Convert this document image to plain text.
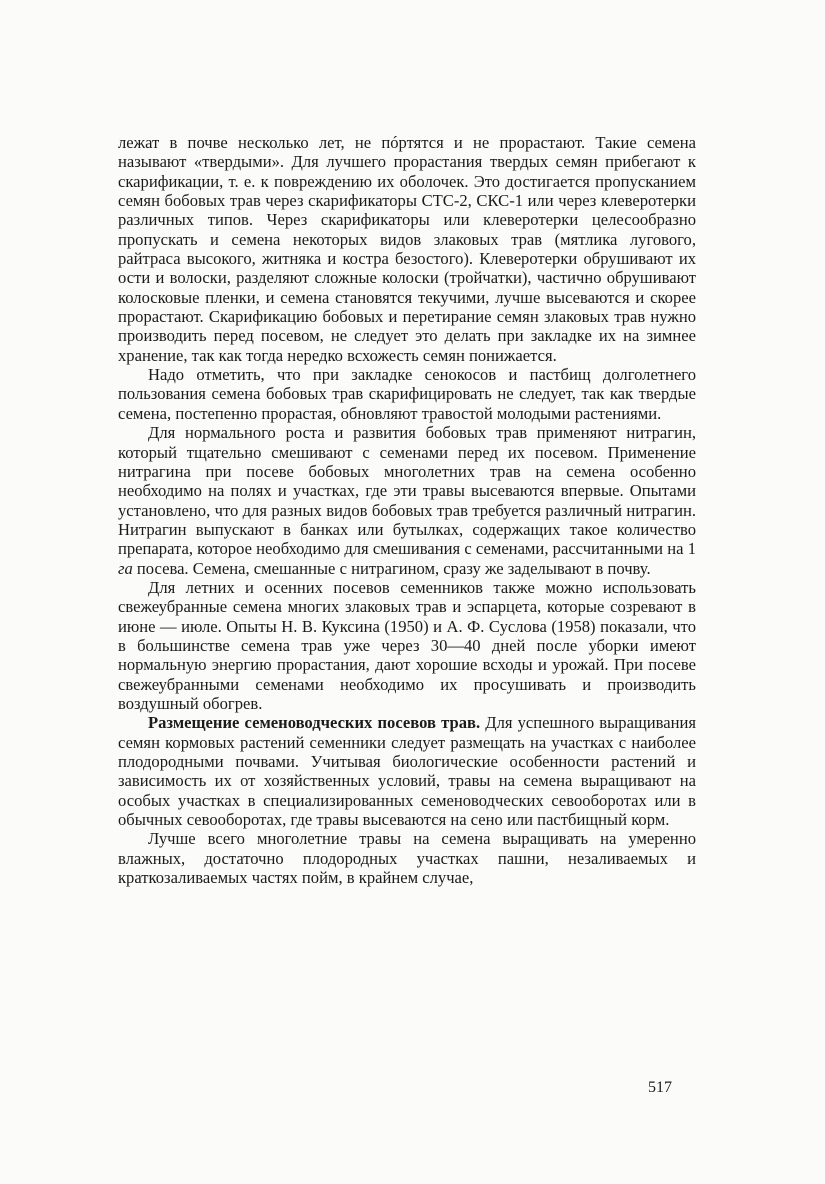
лежат в почве несколько лет, не пóртятся и не прорастают. Такие семена называют «твердыми». Для лучшего прорастания твердых семян прибегают к скарификации, т. е. к повреждению их оболочек. Это достигается пропусканием семян бобовых трав через скарификаторы СТС-2, СКС-1 или через клеверотерки различных типов. Через скарификаторы или клеверотерки целесообразно пропускать и семена некоторых видов злаковых трав (мятлика лугового, райтраса высокого, житняка и костра безостого). Клеверотерки обрушивают их ости и волоски, разделяют сложные колоски (тройчатки), частично обрушивают колосковые пленки, и семена становятся текучими, лучше высеваются и скорее прорастают. Скарификацию бобовых и перетирание семян злаковых трав нужно производить перед посевом, не следует это делать при закладке их на зимнее хранение, так как тогда нередко всхожесть семян понижается.

Надо отметить, что при закладке сенокосов и пастбищ долголетнего пользования семена бобовых трав скарифицировать не следует, так как твердые семена, постепенно прорастая, обновляют травостой молодыми растениями.

Для нормального роста и развития бобовых трав применяют нитрагин, который тщательно смешивают с семенами перед их посевом. Применение нитрагина при посеве бобовых многолетних трав на семена особенно необходимо на полях и участках, где эти травы высеваются впервые. Опытами установлено, что для разных видов бобовых трав требуется различный нитрагин. Нитрагин выпускают в банках или бутылках, содержащих такое количество препарата, которое необходимо для смешивания с семенами, рассчитанными на 1 га посева. Семена, смешанные с нитрагином, сразу же заделывают в почву.

Для летних и осенних посевов семенников также можно использовать свежеубранные семена многих злаковых трав и эспарцета, которые созревают в июне — июле. Опыты Н. В. Куксина (1950) и А. Ф. Суслова (1958) показали, что в большинстве семена трав уже через 30—40 дней после уборки имеют нормальную энергию прорастания, дают хорошие всходы и урожай. При посеве свежеубранными семенами необходимо их просушивать и производить воздушный обогрев.

Размещение семеноводческих посевов трав. Для успешного выращивания семян кормовых растений семенники следует размещать на участках с наиболее плодородными почвами. Учитывая биологические особенности растений и зависимость их от хозяйственных условий, травы на семена выращивают на особых участках в специализированных семеноводческих севооборотах или в обычных севооборотах, где травы высеваются на сено или пастбищный корм.

Лучше всего многолетние травы на семена выращивать на умеренно влажных, достаточно плодородных участках пашни, незаливаемых и краткозаливаемых частях пойм, в крайнем случае,

517
